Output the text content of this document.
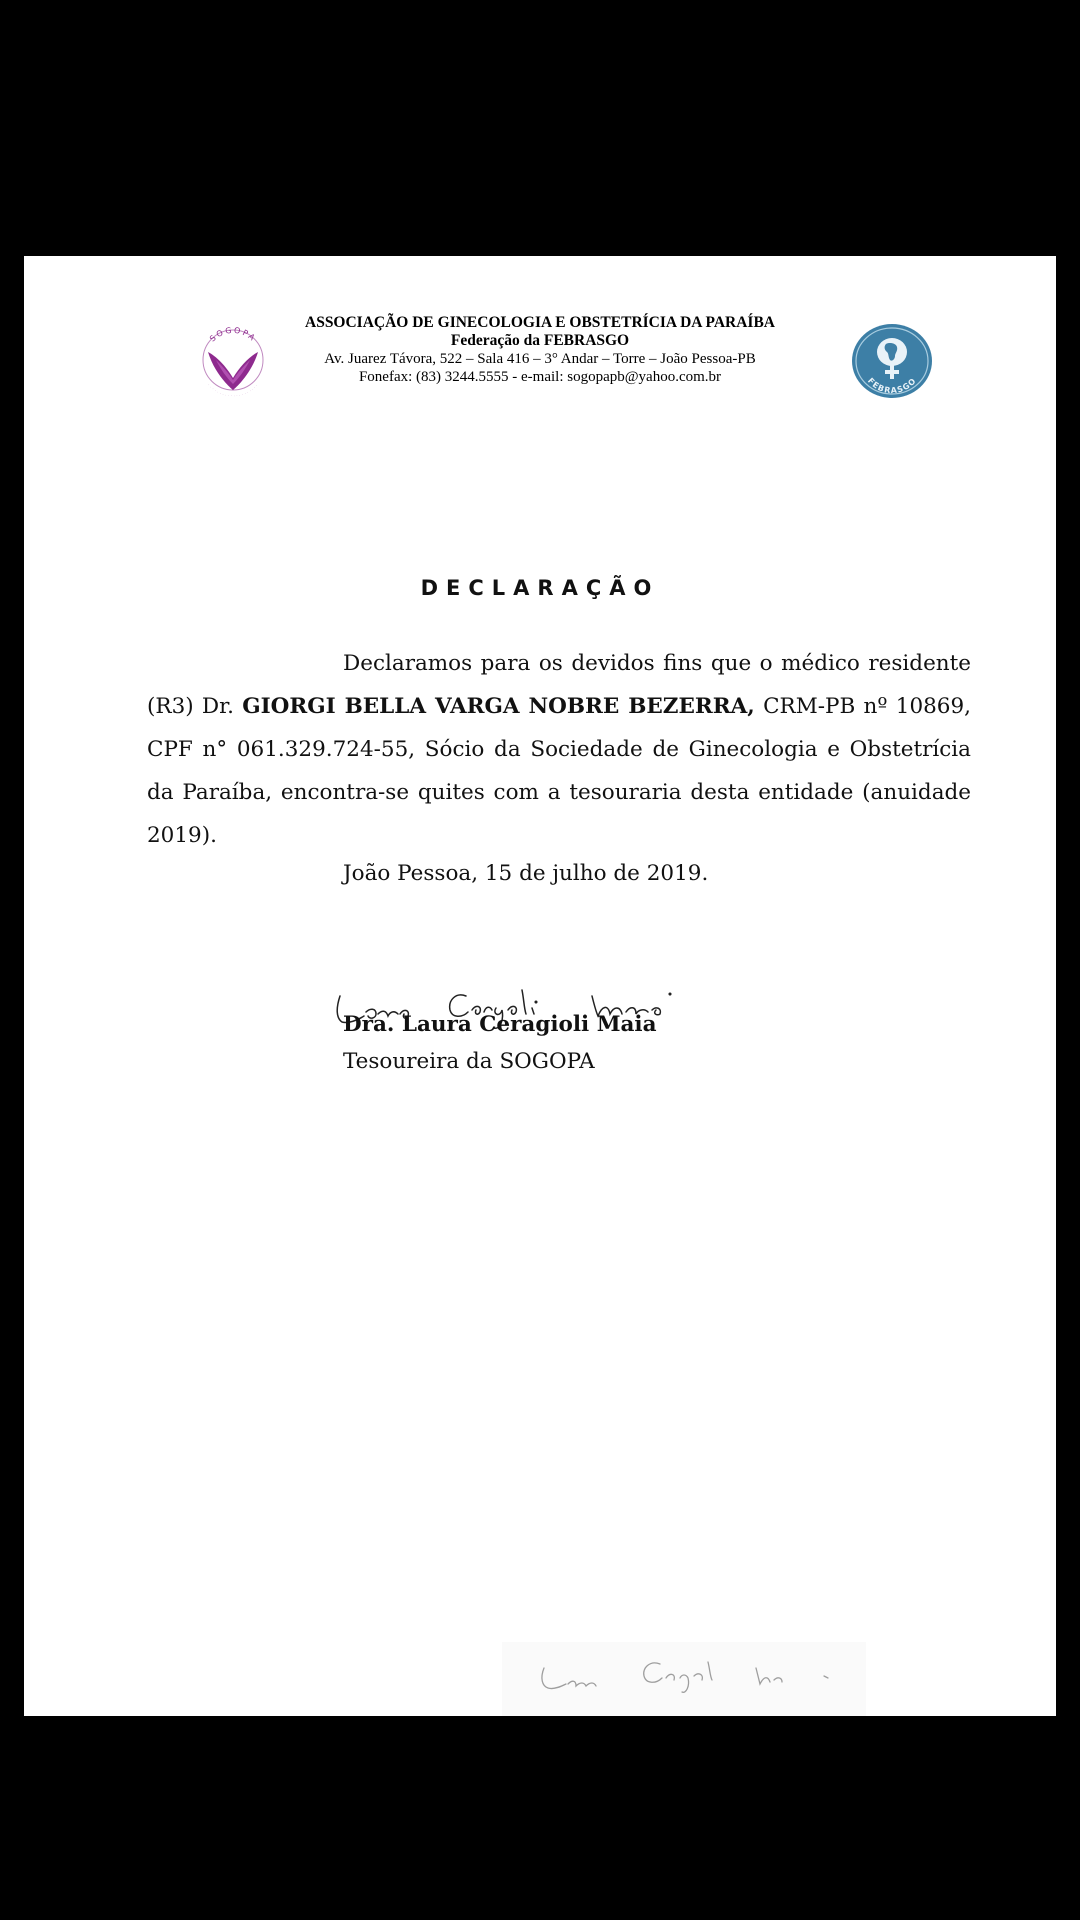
SOGOPA
· · · · · · · · · · · · · · · · · · · ·
ASSOCIAÇÃO DE GINECOLOGIA E OBSTETRÍCIA DA PARAÍBA
Federação da FEBRASGO
Av. Juarez Távora, 522 – Sala 416 – 3° Andar – Torre – João Pessoa-PB
Fonefax: (83) 3244.5555 - e-mail: sogopapb@yahoo.com.br	FEBRASGO
DECLARAÇÃO
Declaramos para os devidos fins que o médico residente (R3) Dr. GIORGI BELLA VARGA NOBRE BEZERRA, CRM-PB nº 10869, CPF n° 061.329.724-55, Sócio da Sociedade de Ginecologia e Obstetrícia da Paraíba, encontra-se quites com a tesouraria desta entidade (anuidade 2019).
João Pessoa, 15 de julho de 2019.
Dra. Laura Ceragioli Maia
Tesoureira da SOGOPA
